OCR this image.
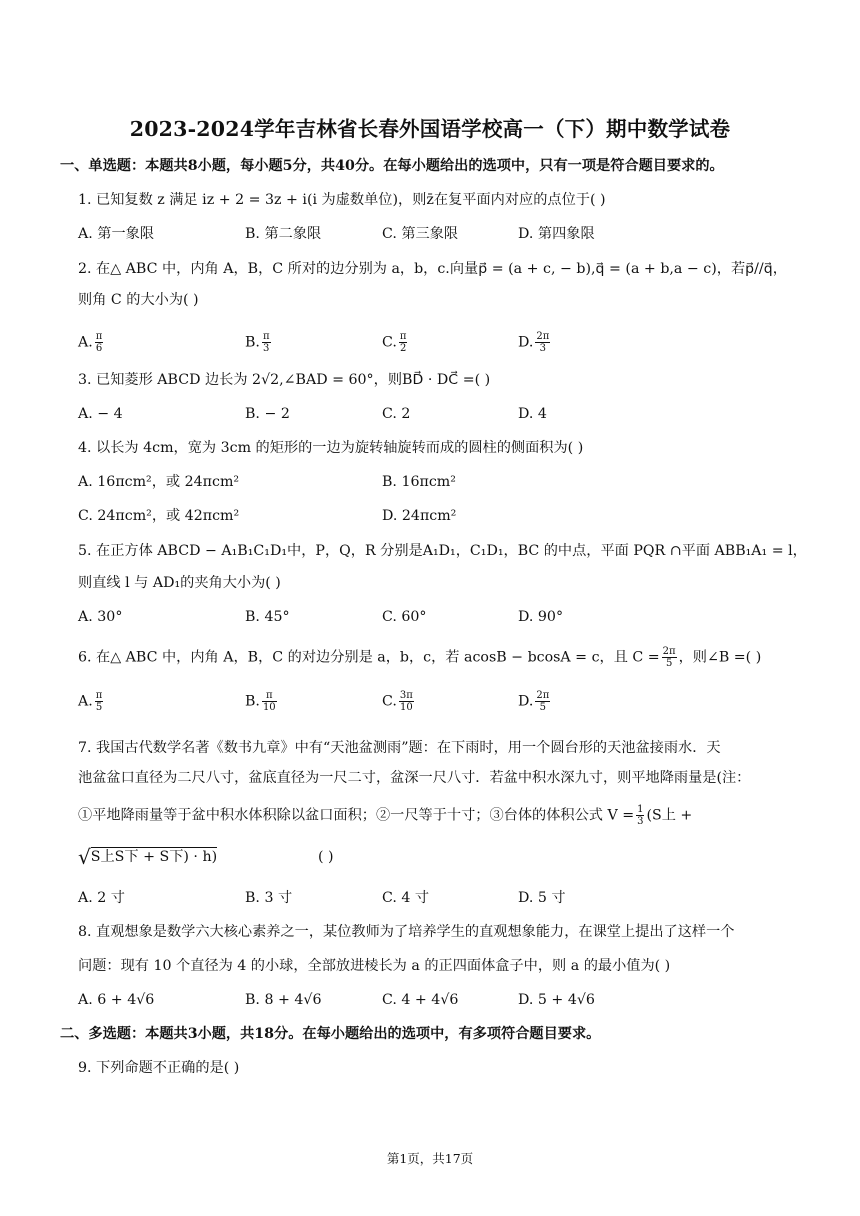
2023-2024学年吉林省长春外国语学校高一（下）期中数学试卷
一、单选题：本题共8小题，每小题5分，共40分。在每小题给出的选项中，只有一项是符合题目要求的。
1. 已知复数 z 满足 iz + 2 = 3z + i(i 为虚数单位)，则z̄在复平面内对应的点位于( )
A. 第一象限	B. 第二象限	C. 第三象限	D. 第四象限
2. 在△ ABC 中，内角 A，B，C 所对的边分别为 a，b，c.向量p⃗ = (a + c, − b),q⃗ = (a + b,a − c)，若p⃗//q⃗，
则角 C 的大小为( )
A. $\frac{\pi}{6}$	B. $\frac{\pi}{3}$	C. $\frac{\pi}{2}$	D. $\frac{2\pi}{3}$
3. 已知菱形 ABCD 边长为 2√2,∠BAD = 60°，则BD⃗ · DC⃗ =( )
A. − 4	B. − 2	C. 2	D. 4
4. 以长为 4cm，宽为 3cm 的矩形的一边为旋转轴旋转而成的圆柱的侧面积为( )
A. 16πcm²，或 24πcm²	B. 16πcm²
C. 24πcm²，或 42πcm²	D. 24πcm²
5. 在正方体 ABCD − A₁B₁C₁D₁中，P，Q，R 分别是A₁D₁，C₁D₁，BC 的中点，平面 PQR ∩平面 ABB₁A₁ = l，
则直线 l 与 AD₁的夹角大小为( )
A. 30°	B. 45°	C. 60°	D. 90°
6. 在△ ABC 中，内角 A，B，C 的对边分别是 a，b，c，若 acosB − bcosA = c，且 $C = \frac{2\pi}{5}$ ，则∠B =( )
A. $\frac{\pi}{5}$	B. $\frac{\pi}{10}$	C. $\frac{3\pi}{10}$	D. $\frac{2\pi}{5}$
7. 我国古代数学名著《数书九章》中有“天池盆测雨”题：在下雨时，用一个圆台形的天池盆接雨水．天
池盆盆口直径为二尺八寸，盆底直径为一尺二寸，盆深一尺八寸．若盆中积水深九寸，则平地降雨量是(注：
①平地降雨量等于盆中积水体积除以盆口面积；②一尺等于十寸；③台体的体积公式 $V = \frac{1}{3} (S$上 +
√S上S下 + S下) · h)	( )
A. 2 寸	B. 3 寸	C. 4 寸	D. 5 寸
8. 直观想象是数学六大核心素养之一，某位教师为了培养学生的直观想象能力，在课堂上提出了这样一个
问题：现有 10 个直径为 4 的小球，全部放进棱长为 a 的正四面体盒子中，则 a 的最小值为( )
A. 6 + 4√6	B. 8 + 4√6	C. 4 + 4√6	D. 5 + 4√6
二、多选题：本题共3小题，共18分。在每小题给出的选项中，有多项符合题目要求。
9. 下列命题不正确的是( )
第1页，共17页
